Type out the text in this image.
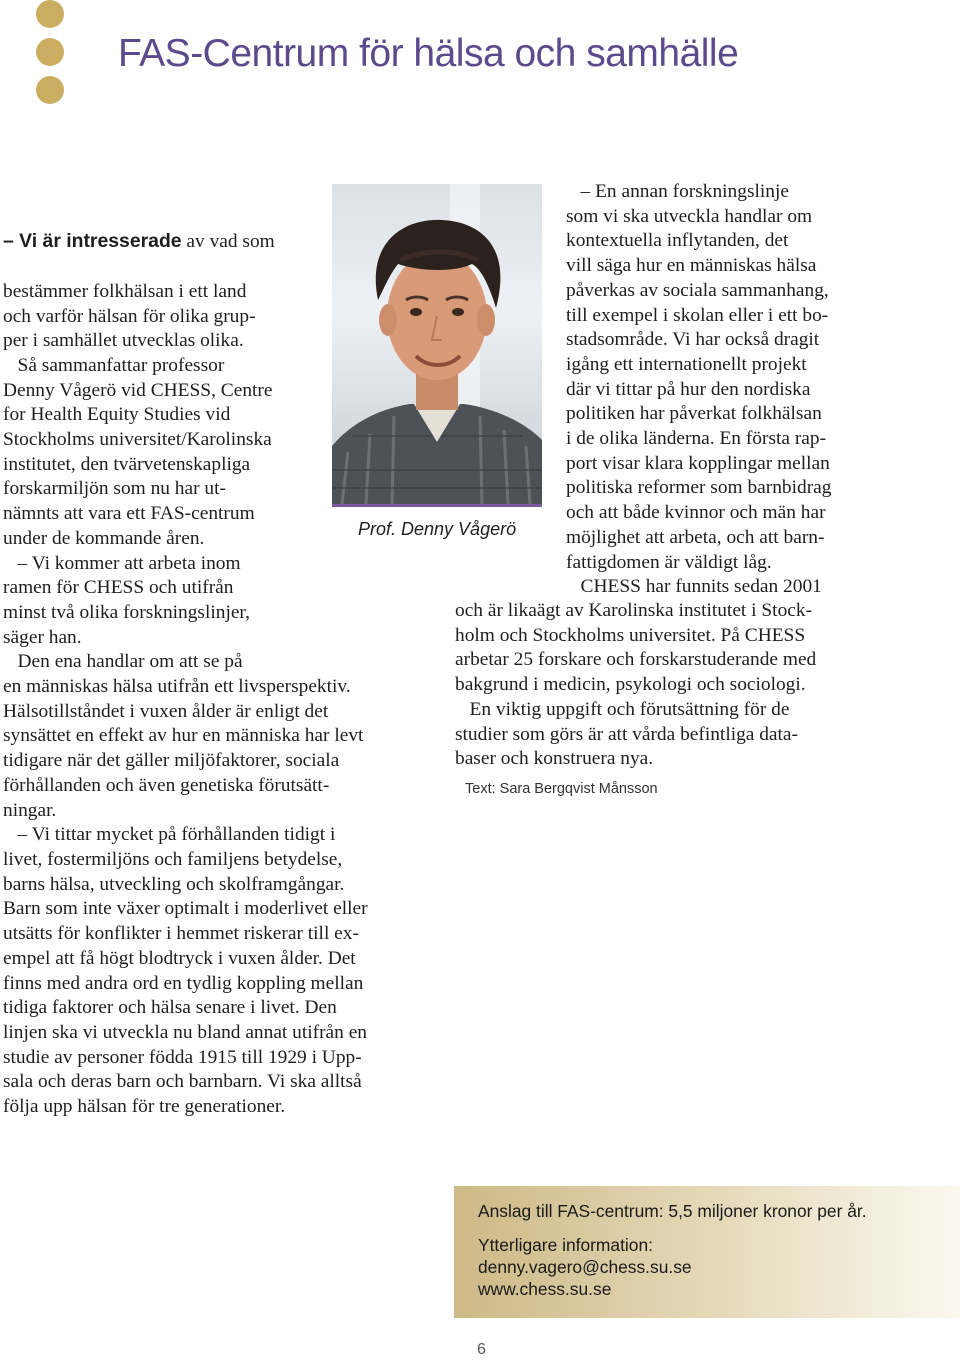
FAS-Centrum för hälsa och samhälle

– Vi är intresserade av vad som

bestämmer folkhälsan i ett land
och varför hälsan för olika grup-
per i samhället utvecklas olika.
Så sammanfattar professor
Denny Vågerö vid CHESS, Centre
for Health Equity Studies vid
Stockholms universitet/Karolinska
institutet, den tvärvetenskapliga
forskarmiljön som nu har ut-
nämnts att vara ett FAS-centrum
under de kommande åren.
– Vi kommer att arbeta inom
ramen för CHESS och utifrån
minst två olika forskningslinjer,
säger han.
Den ena handlar om att se på
en människas hälsa utifrån ett livsperspektiv.
Hälsotillståndet i vuxen ålder är enligt det
synsättet en effekt av hur en människa har levt
tidigare när det gäller miljöfaktorer, sociala
förhållanden och även genetiska förutsätt-
ningar.
– Vi tittar mycket på förhållanden tidigt i
livet, fostermiljöns och familjens betydelse,
barns hälsa, utveckling och skolframgångar.
Barn som inte växer optimalt i moderlivet eller
utsätts för konflikter i hemmet riskerar till ex-
empel att få högt blodtryck i vuxen ålder. Det
finns med andra ord en tydlig koppling mellan
tidiga faktorer och hälsa senare i livet. Den
linjen ska vi utveckla nu bland annat utifrån en
studie av personer födda 1915 till 1929 i Upp-
sala och deras barn och barnbarn. Vi ska alltså
följa upp hälsan för tre generationer.
Prof. Denny Vågerö
– En annan forskningslinje
som vi ska utveckla handlar om
kontextuella inflytanden, det
vill säga hur en människas hälsa
påverkas av sociala sammanhang,
till exempel i skolan eller i ett bo-
stadsområde. Vi har också dragit
igång ett internationellt projekt
där vi tittar på hur den nordiska
politiken har påverkat folkhälsan
i de olika länderna. En första rap-
port visar klara kopplingar mellan
politiska reformer som barnbidrag
och att både kvinnor och män har
möjlighet att arbeta, och att barn-
fattigdomen är väldigt låg.
CHESS har funnits sedan 2001
och är likaägt av Karolinska institutet i Stock-
holm och Stockholms universitet. På CHESS
arbetar 25 forskare och forskarstuderande med
bakgrund i medicin, psykologi och sociologi.
En viktig uppgift och förutsättning för de
studier som görs är att vårda befintliga data-
baser och konstruera nya.
Text: Sara Bergqvist Månsson
Anslag till FAS-centrum: 5,5 miljoner kronor per år.
Ytterligare information:
denny.vagero@chess.su.se
www.chess.su.se
6
